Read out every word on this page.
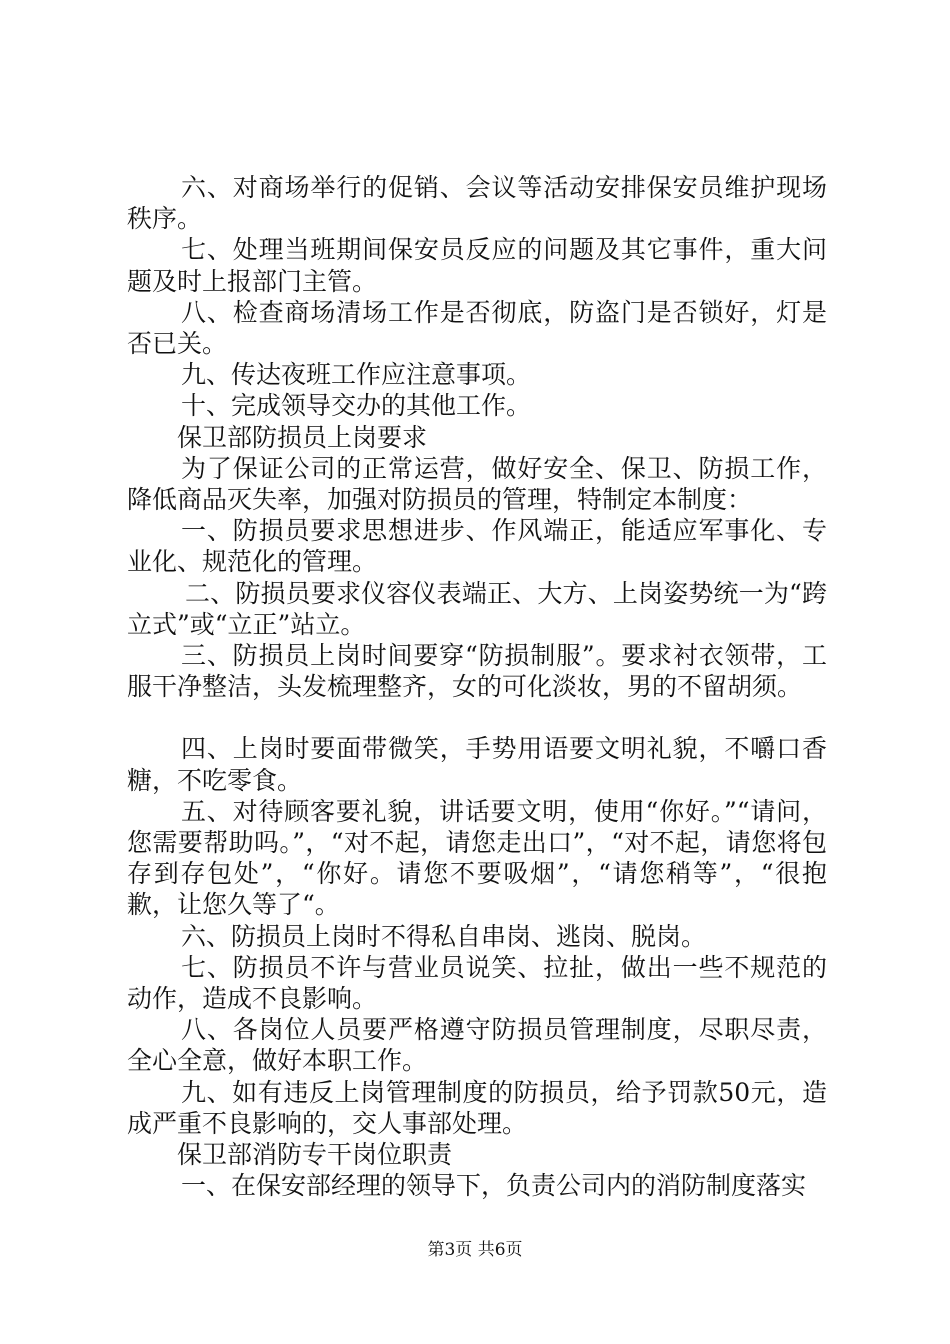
六、对商场举行的促销、会议等活动安排保安员维护现场秩序。

七、处理当班期间保安员反应的问题及其它事件，重大问题及时上报部门主管。

八、检查商场清场工作是否彻底，防盗门是否锁好，灯是否已关。

九、传达夜班工作应注意事项。

十、完成领导交办的其他工作。

保卫部防损员上岗要求

为了保证公司的正常运营，做好安全、保卫、防损工作，降低商品灭失率，加强对防损员的管理，特制定本制度：

一、防损员要求思想进步、作风端正，能适应军事化、专业化、规范化的管理。

二、防损员要求仪容仪表端正、大方、上岗姿势统一为“跨立式”或“立正”站立。

三、防损员上岗时间要穿“防损制服”。要求衬衣领带，工服干净整洁，头发梳理整齐，女的可化淡妆，男的不留胡须。

四、上岗时要面带微笑，手势用语要文明礼貌，不嚼口香糖，不吃零食。

五、对待顾客要礼貌，讲话要文明，使用“你好。”“请问，您需要帮助吗。”，“对不起，请您走出口”，“对不起，请您将包存到存包处”，“你好。请您不要吸烟”，“请您稍等”，“很抱歉，让您久等了“。

六、防损员上岗时不得私自串岗、逃岗、脱岗。

七、防损员不许与营业员说笑、拉扯，做出一些不规范的动作，造成不良影响。

八、各岗位人员要严格遵守防损员管理制度，尽职尽责，全心全意，做好本职工作。

九、如有违反上岗管理制度的防损员，给予罚款50元，造成严重不良影响的，交人事部处理。

保卫部消防专干岗位职责

一、在保安部经理的领导下，负责公司内的消防制度落实

第3页 共6页
